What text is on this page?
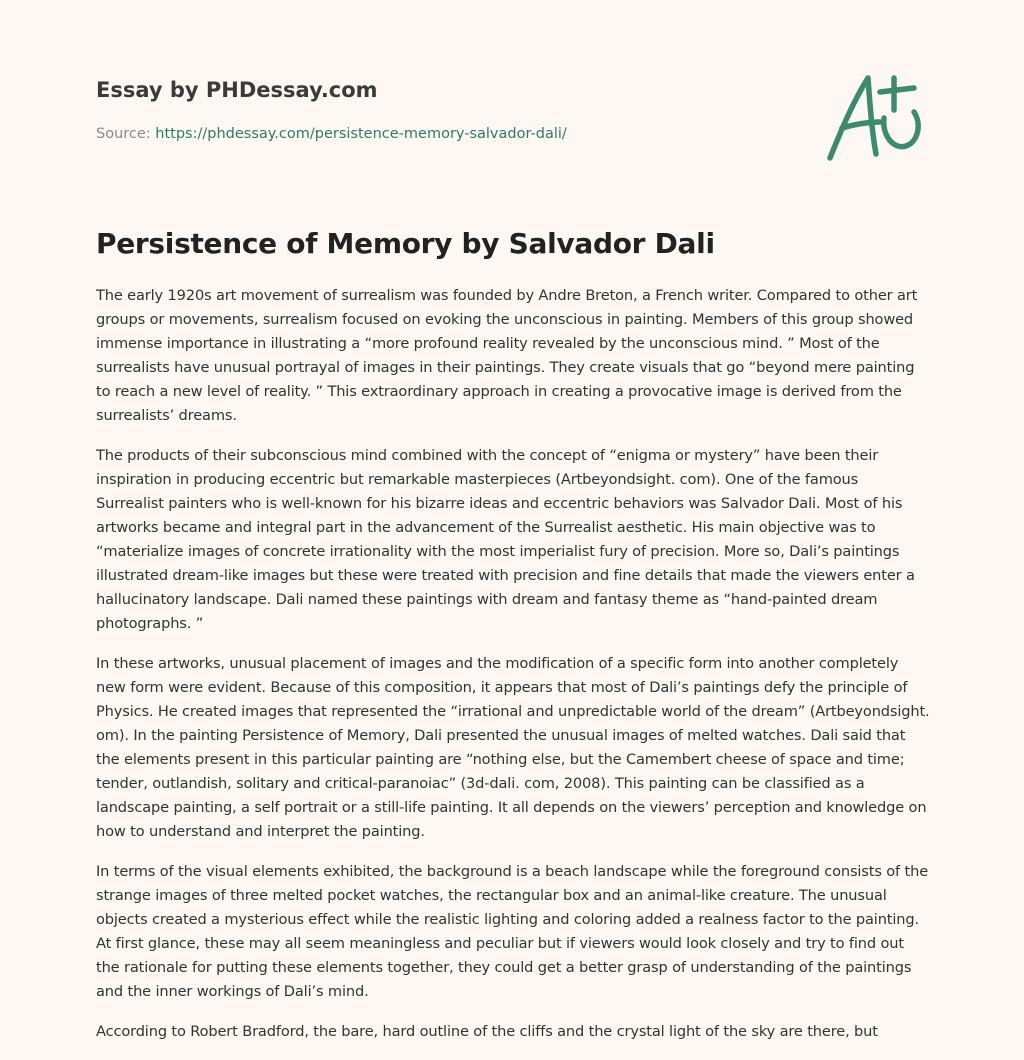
Essay by PHDessay.com
Source: https://phdessay.com/persistence-memory-salvador-dali/
Persistence of Memory by Salvador Dali

The early 1920s art movement of surrealism was founded by Andre Breton, a French writer. Compared to other art groups or movements, surrealism focused on evoking the unconscious in painting. Members of this group showed immense importance in illustrating a “more profound reality revealed by the unconscious mind. ” Most of the surrealists have unusual portrayal of images in their paintings. They create visuals that go “beyond mere painting to reach a new level of reality. ” This extraordinary approach in creating a provocative image is derived from the surrealists’ dreams.

The products of their subconscious mind combined with the concept of “enigma or mystery” have been their inspiration in producing eccentric but remarkable masterpieces (Artbeyondsight. com). One of the famous Surrealist painters who is well-known for his bizarre ideas and eccentric behaviors was Salvador Dali. Most of his artworks became and integral part in the advancement of the Surrealist aesthetic. His main objective was to “materialize images of concrete irrationality with the most imperialist fury of precision. More so, Dali’s paintings illustrated dream-like images but these were treated with precision and fine details that made the viewers enter a hallucinatory landscape. Dali named these paintings with dream and fantasy theme as “hand-painted dream photographs. ”

In these artworks, unusual placement of images and the modification of a specific form into another completely new form were evident. Because of this composition, it appears that most of Dali’s paintings defy the principle of Physics. He created images that represented the “irrational and unpredictable world of the dream” (Artbeyondsight. om). In the painting Persistence of Memory, Dali presented the unusual images of melted watches. Dali said that the elements present in this particular painting are “nothing else, but the Camembert cheese of space and time; tender, outlandish, solitary and critical-paranoiac” (3d-dali. com, 2008). This painting can be classified as a landscape painting, a self portrait or a still-life painting. It all depends on the viewers’ perception and knowledge on how to understand and interpret the painting.

In terms of the visual elements exhibited, the background is a beach landscape while the foreground consists of the strange images of three melted pocket watches, the rectangular box and an animal-like creature. The unusual objects created a mysterious effect while the realistic lighting and coloring added a realness factor to the painting. At first glance, these may all seem meaningless and peculiar but if viewers would look closely and try to find out the rationale for putting these elements together, they could get a better grasp of understanding of the paintings and the inner workings of Dali’s mind.

According to Robert Bradford, the bare, hard outline of the cliffs and the crystal light of the sky are there, but
